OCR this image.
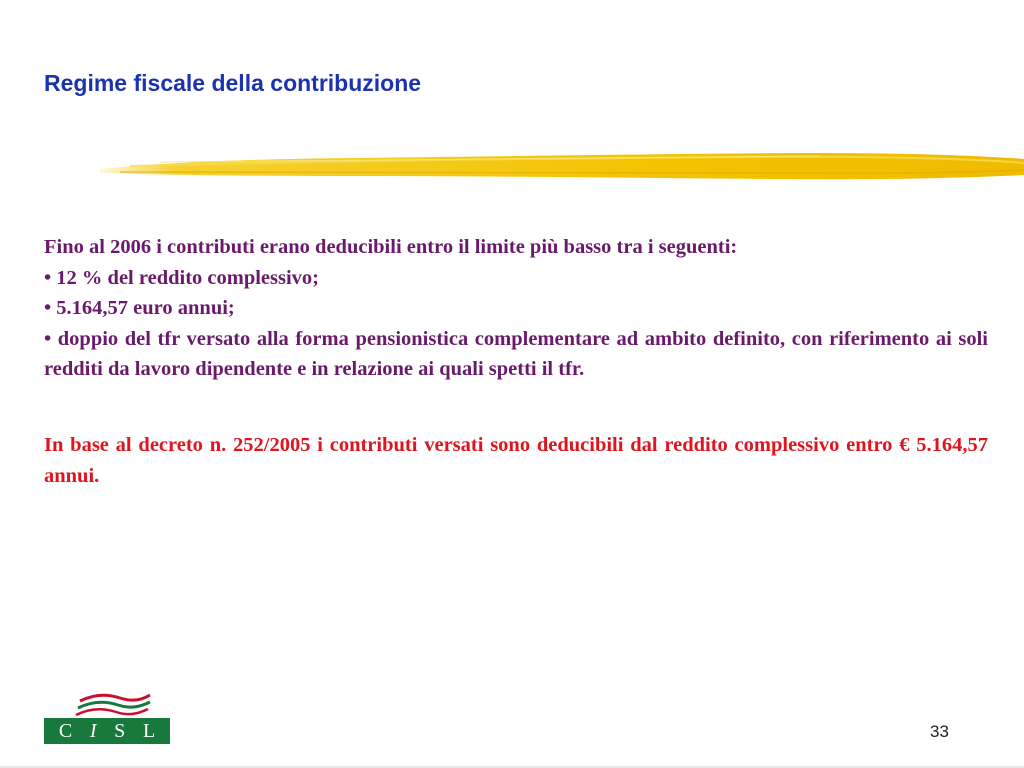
Regime fiscale della contribuzione

Fino al 2006 i contributi erano deducibili entro il limite più basso tra i seguenti:

• 12 % del reddito complessivo;

• 5.164,57 euro annui;

• doppio del tfr versato alla forma pensionistica complementare ad ambito definito, con riferimento ai soli redditi da lavoro dipendente e in relazione ai quali spetti il tfr.

In base al decreto n. 252/2005 i contributi versati sono deducibili dal reddito complessivo entro € 5.164,57 annui.

C I S L	33
